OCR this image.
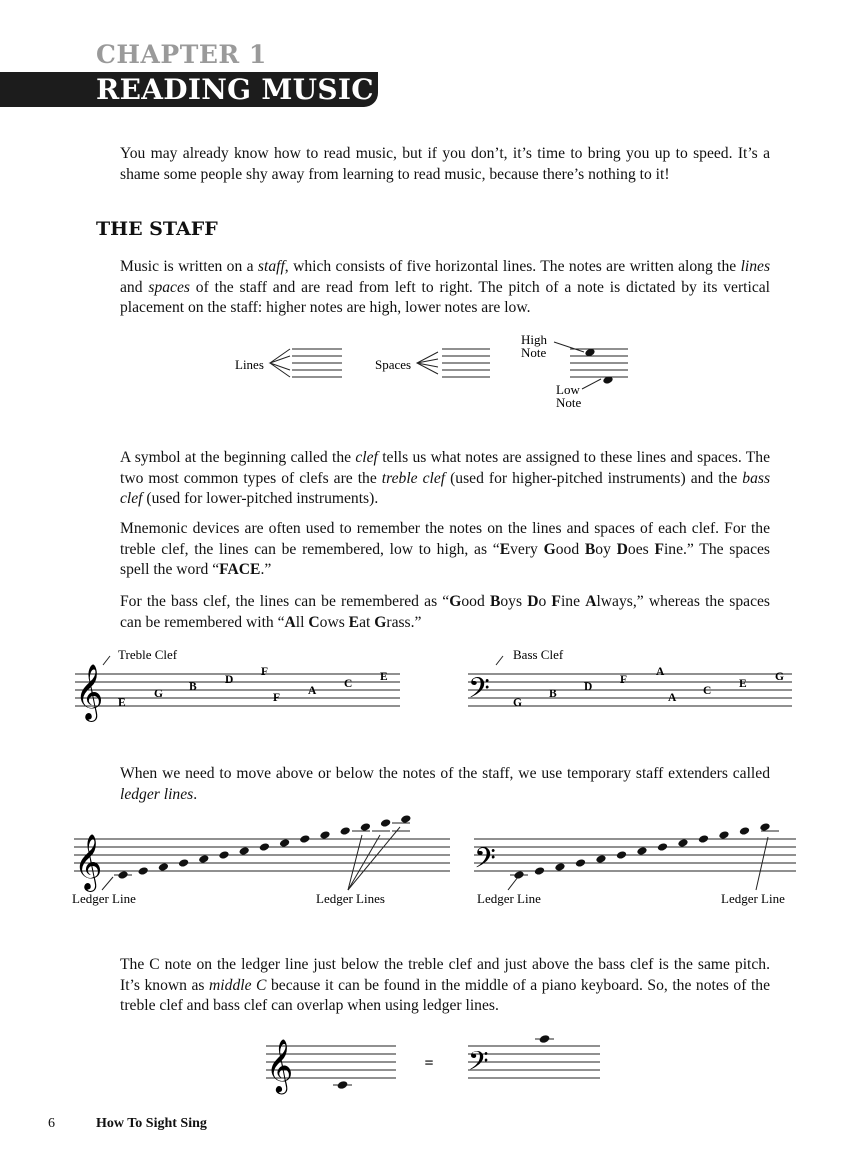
CHAPTER 1
READING MUSIC

You may already know how to read music, but if you don’t, it’s time to bring you up to speed. It’s a shame some people shy away from learning to read music, because there’s nothing to it!

THE STAFF

Music is written on a staff, which consists of five horizontal lines. The notes are written along the lines and spaces of the staff and are read from left to right. The pitch of a note is dictated by its vertical placement on the staff: higher notes are high, lower notes are low.

Lines	Spaces
High
Note
Low
Note

A symbol at the beginning called the clef tells us what notes are assigned to these lines and spaces. The two most common types of clefs are the treble clef (used for higher-pitched instruments) and the bass clef (used for lower-pitched instruments).

Mnemonic devices are often used to remember the notes on the lines and spaces of each clef. For the treble clef, the lines can be remembered, low to high, as “Every Good Boy Does Fine.” The spaces spell the word “FACE.”

For the bass clef, the lines can be remembered as “Good Boys Do Fine Always,” whereas the spaces can be remembered with “All Cows Eat Grass.”

𝄞	𝄢
Treble Clef	Bass Clef
E
G
B
D
F
F
A
C
E
G
B
D
F
A
A
C
E
G

When we need to move above or below the notes of the staff, we use temporary staff extenders called ledger lines.

𝄞	𝄢
Ledger Line	Ledger Lines	Ledger Line	Ledger Line

The C note on the ledger line just below the treble clef and just above the bass clef is the same pitch. It’s known as middle C because it can be found in the middle of a piano keyboard. So, the notes of the treble clef and bass clef can overlap when using ledger lines.

𝄞	𝄢
=
6	How To Sight Sing
